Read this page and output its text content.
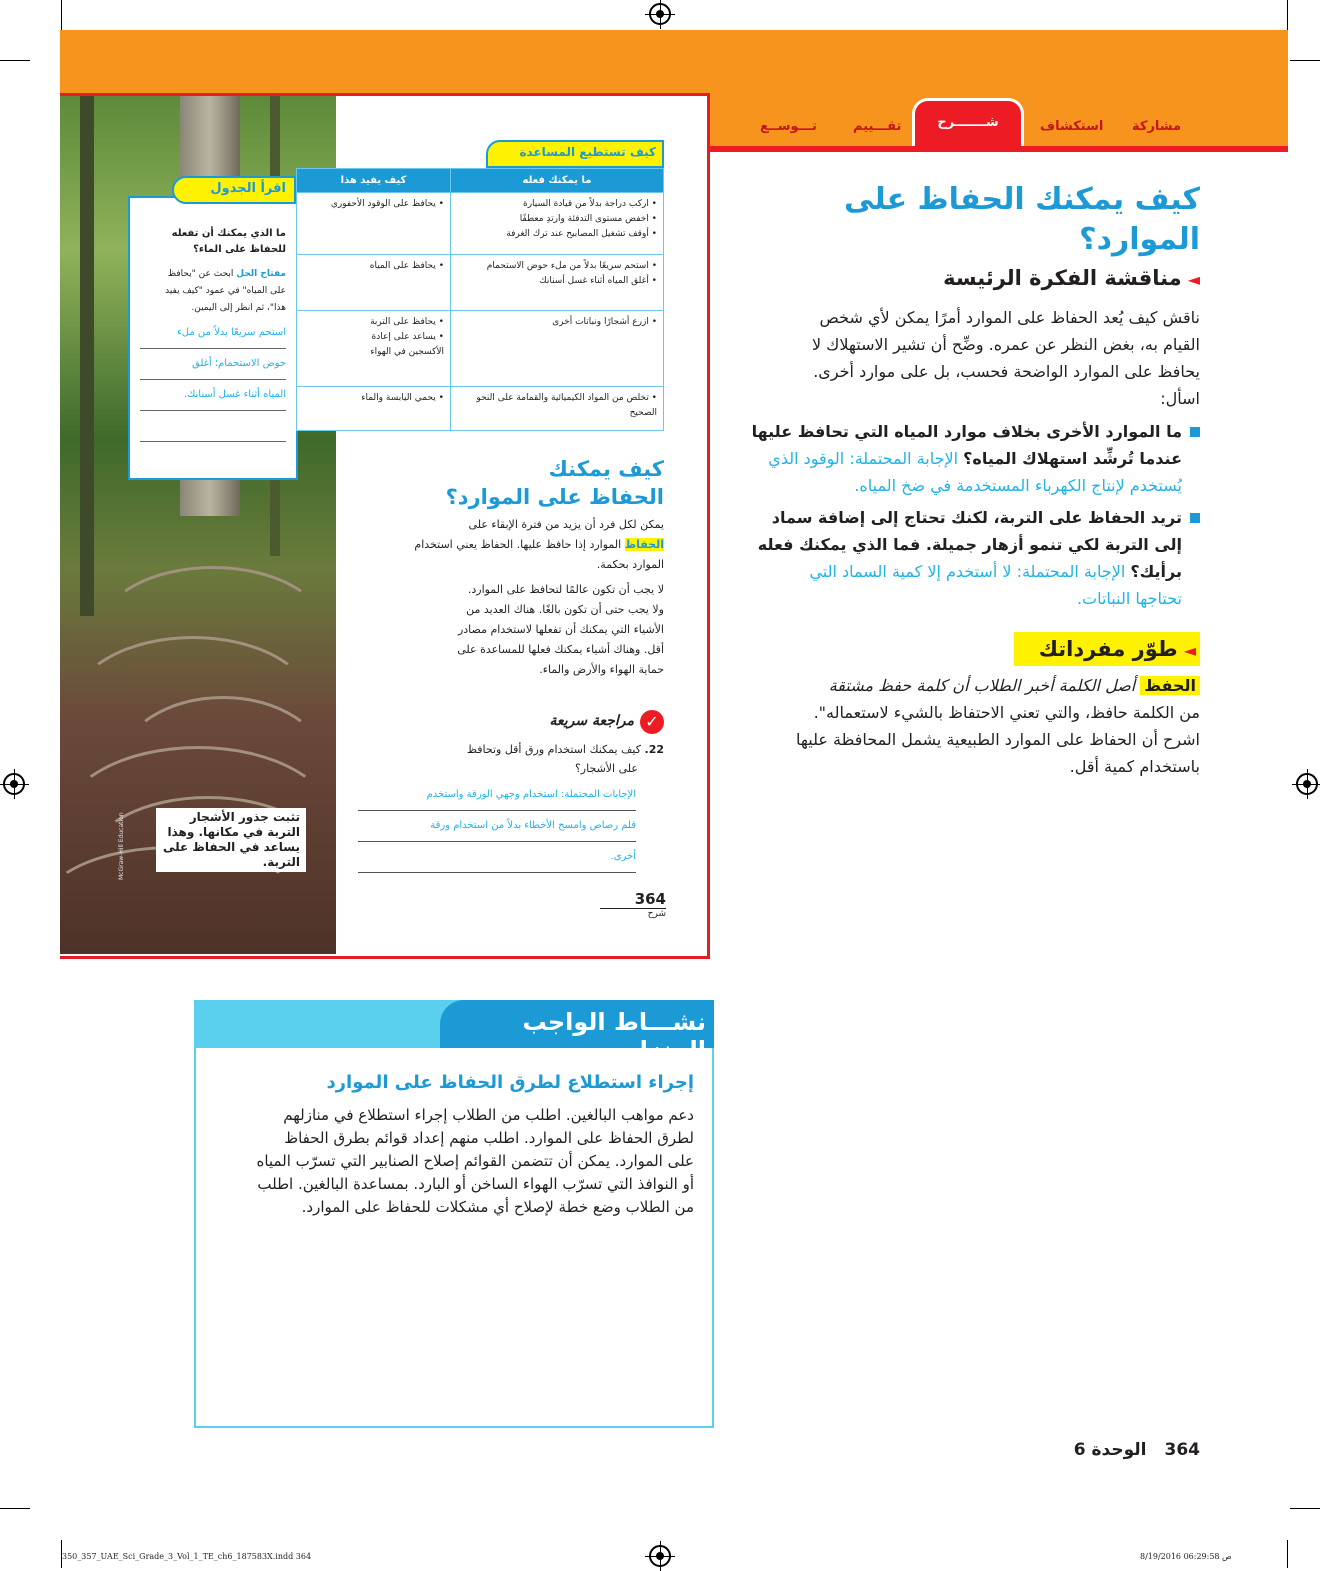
مشاركة
استكشاف
شـــــــرح
تقـــييم
تـــوســع
اقرأ الجدول
ما الذي يمكنك أن تفعله
للحفاظ على الماء؟
مفتاح الحل ابحث عن "يحافظ
على المياه" في عمود "كيف يفيد
هذا"، ثم انظر إلى اليمين.
استحم سريعًا بدلاً من ملء
حوض الاستحمام؛ أغلق
المياه أثناء غسل أسنانك.
كيف تستطيع المساعدة
ما يمكنك فعله	كيف يفيد هذا

• اركب دراجة بدلاً من قيادة السيارة
• اخفض مستوى التدفئة وارتدِ معطفًا
• أوقف تشغيل المصابيح عند ترك الغرفة	• يحافظ على الوقود الأحفوري

• استحم سريعًا بدلاً من ملء حوض الاستحمام
• أغلق المياه أثناء غسل أسنانك	• يحافظ على المياه

• ازرع أشجارًا ونباتات أخرى	• يحافظ على التربة
• يساعد على إعادة
الأكسجين في الهواء

• تخلص من المواد الكيميائية والقمامة على النحو
الصحيح	• يحمي اليابسة والماء
كيف يمكنك
الحفاظ على الموارد؟
يمكن لكل فرد أن يزيد من فترة الإبقاء على
الحفاظ الموارد إذا حافظ عليها. الحفاظ يعني استخدام
الموارد بحكمة.
لا يجب أن تكون عالمًا لتحافظ على الموارد.
ولا يجب حتى أن تكون بالغًا. هناك العديد من
الأشياء التي يمكنك أن تفعلها لاستخدام مصادر
أقل. وهناك أشياء يمكنك فعلها للمساعدة على
حماية الهواء والأرض والماء.
✓
مراجعة سريعة
22. كيف يمكنك استخدام ورق أقل وتحافظ
على الأشجار؟
الإجابات المحتملة: استخدام وجهي الورقة واستخدم
قلم رصاص وامسح الأخطاء بدلاً من استخدام ورقة
أخرى.
364
شرح
تثبت جذور الأشجار
التربة في مكانها. وهذا
يساعد في الحفاظ على
التربة.
McGraw-Hill Education
كيف يمكنك الحفاظ على
الموارد؟
◄مناقشة الفكرة الرئيسة
ناقش كيف يُعد الحفاظ على الموارد أمرًا يمكن لأي شخص
القيام به، بغض النظر عن عمره. وضِّح أن تشير الاستهلاك لا
يحافظ على الموارد الواضحة فحسب، بل على موارد أخرى.
اسأل:
ما الموارد الأخرى بخلاف موارد المياه التي تحافظ عليها
عندما تُرشِّد استهلاك المياه؟ الإجابة المحتملة: الوقود الذي
يُستخدم لإنتاج الكهرباء المستخدمة في ضخ المياه.
تريد الحفاظ على التربة، لكنك تحتاج إلى إضافة سماد
إلى التربة لكي تنمو أزهار جميلة. فما الذي يمكنك فعله
برأيك؟ الإجابة المحتملة: لا أستخدم إلا كمية السماد التي
تحتاجها النباتات.
◄طوّر مفرداتك
الحفظ أصل الكلمة أخبر الطلاب أن كلمة حفظ مشتقة
من الكلمة حافظ، والتي تعني الاحتفاظ بالشيء لاستعماله".
اشرح أن الحفاظ على الموارد الطبيعية يشمل المحافظة عليها
باستخدام كمية أقل.
نشـــاط الواجب المنزلي
إجراء استطلاع لطرق الحفاظ على الموارد
دعم مواهب البالغين. اطلب من الطلاب إجراء استطلاع في منازلهم
لطرق الحفاظ على الموارد. اطلب منهم إعداد قوائم بطرق الحفاظ
على الموارد. يمكن أن تتضمن القوائم إصلاح الصنابير التي تسرّب المياه
أو النوافذ التي تسرّب الهواء الساخن أو البارد. بمساعدة البالغين. اطلب
من الطلاب وضع خطة لإصلاح أي مشكلات للحفاظ على الموارد.
364الوحدة 6
350_357_UAE_Sci_Grade_3_Vol_1_TE_ch6_187583X.indd 364	8/19/2016 06:29:58 ص
